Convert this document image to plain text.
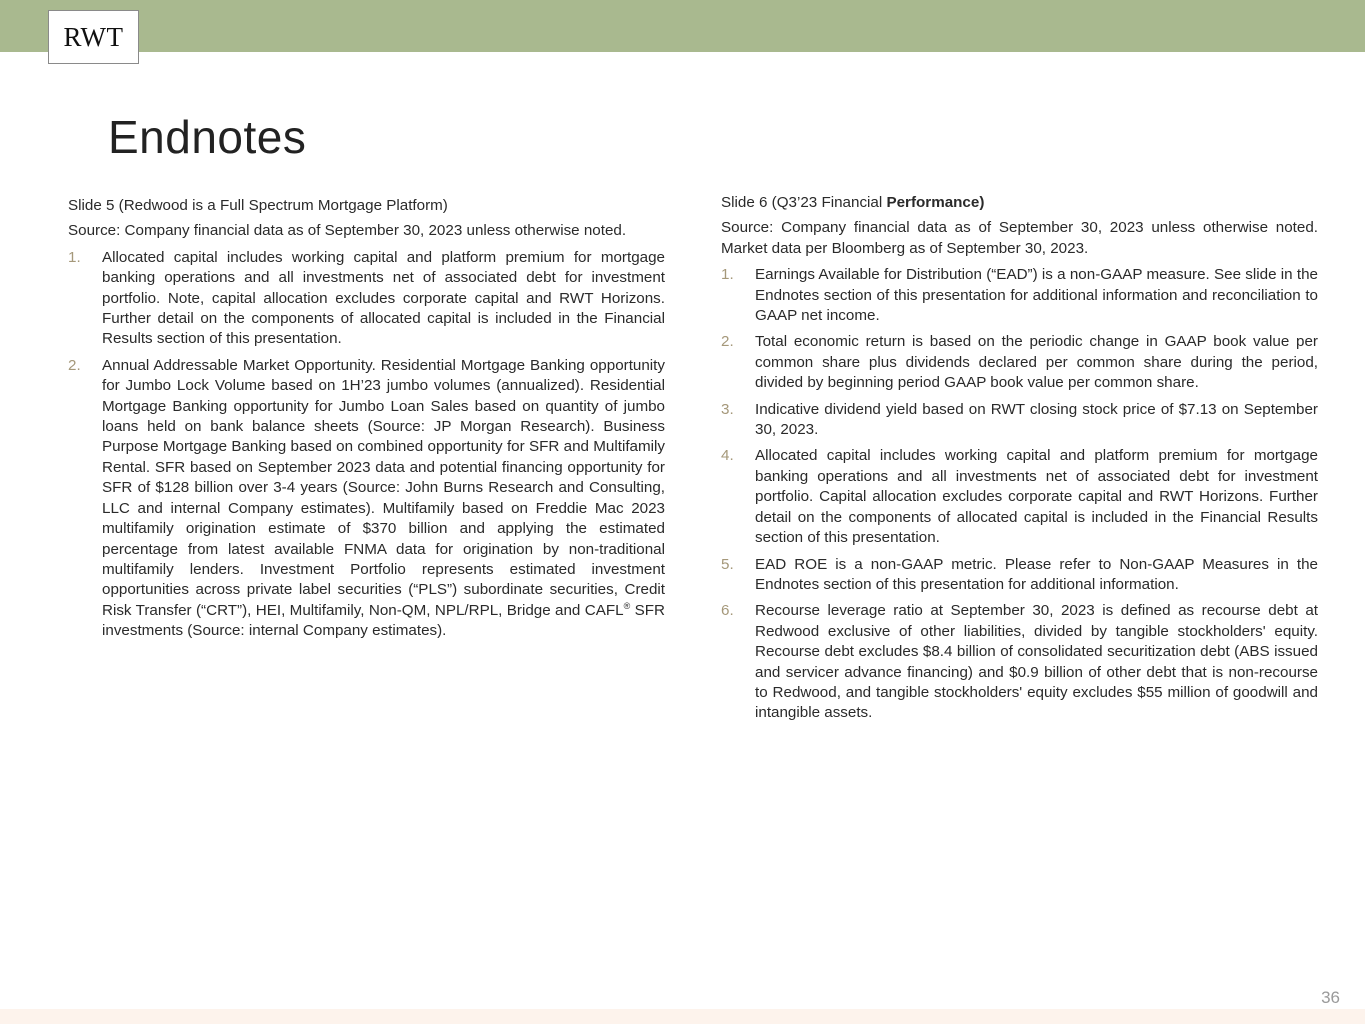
RWT
Endnotes

Slide 5 (Redwood is a Full Spectrum Mortgage Platform)

Source: Company financial data as of September 30, 2023 unless otherwise noted.

1. Allocated capital includes working capital and platform premium for mortgage banking operations and all investments net of associated debt for investment portfolio. Note, capital allocation excludes corporate capital and RWT Horizons. Further detail on the components of allocated capital is included in the Financial Results section of this presentation.
2. Annual Addressable Market Opportunity. Residential Mortgage Banking opportunity for Jumbo Lock Volume based on 1H’23 jumbo volumes (annualized). Residential Mortgage Banking opportunity for Jumbo Loan Sales based on quantity of jumbo loans held on bank balance sheets (Source: JP Morgan Research). Business Purpose Mortgage Banking based on combined opportunity for SFR and Multifamily Rental. SFR based on September 2023 data and potential financing opportunity for SFR of $128 billion over 3-4 years (Source: John Burns Research and Consulting, LLC and internal Company estimates). Multifamily based on Freddie Mac 2023 multifamily origination estimate of $370 billion and applying the estimated percentage from latest available FNMA data for origination by non-traditional multifamily lenders. Investment Portfolio represents estimated investment opportunities across private label securities (“PLS”) subordinate securities, Credit Risk Transfer (“CRT”), HEI, Multifamily, Non-QM, NPL/RPL, Bridge and CAFL® SFR investments (Source: internal Company estimates).

Slide 6 (Q3’23 Financial Performance)

Source: Company financial data as of September 30, 2023 unless otherwise noted. Market data per Bloomberg as of September 30, 2023.

1. Earnings Available for Distribution (“EAD”) is a non-GAAP measure. See slide in the Endnotes section of this presentation for additional information and reconciliation to GAAP net income.
2. Total economic return is based on the periodic change in GAAP book value per common share plus dividends declared per common share during the period, divided by beginning period GAAP book value per common share.
3. Indicative dividend yield based on RWT closing stock price of $7.13 on September 30, 2023.
4. Allocated capital includes working capital and platform premium for mortgage banking operations and all investments net of associated debt for investment portfolio. Capital allocation excludes corporate capital and RWT Horizons. Further detail on the components of allocated capital is included in the Financial Results section of this presentation.
5. EAD ROE is a non-GAAP metric. Please refer to Non-GAAP Measures in the Endnotes section of this presentation for additional information.
6. Recourse leverage ratio at September 30, 2023 is defined as recourse debt at Redwood exclusive of other liabilities, divided by tangible stockholders' equity. Recourse debt excludes $8.4 billion of consolidated securitization debt (ABS issued and servicer advance financing) and $0.9 billion of other debt that is non-recourse to Redwood, and tangible stockholders' equity excludes $55 million of goodwill and intangible assets.
36
